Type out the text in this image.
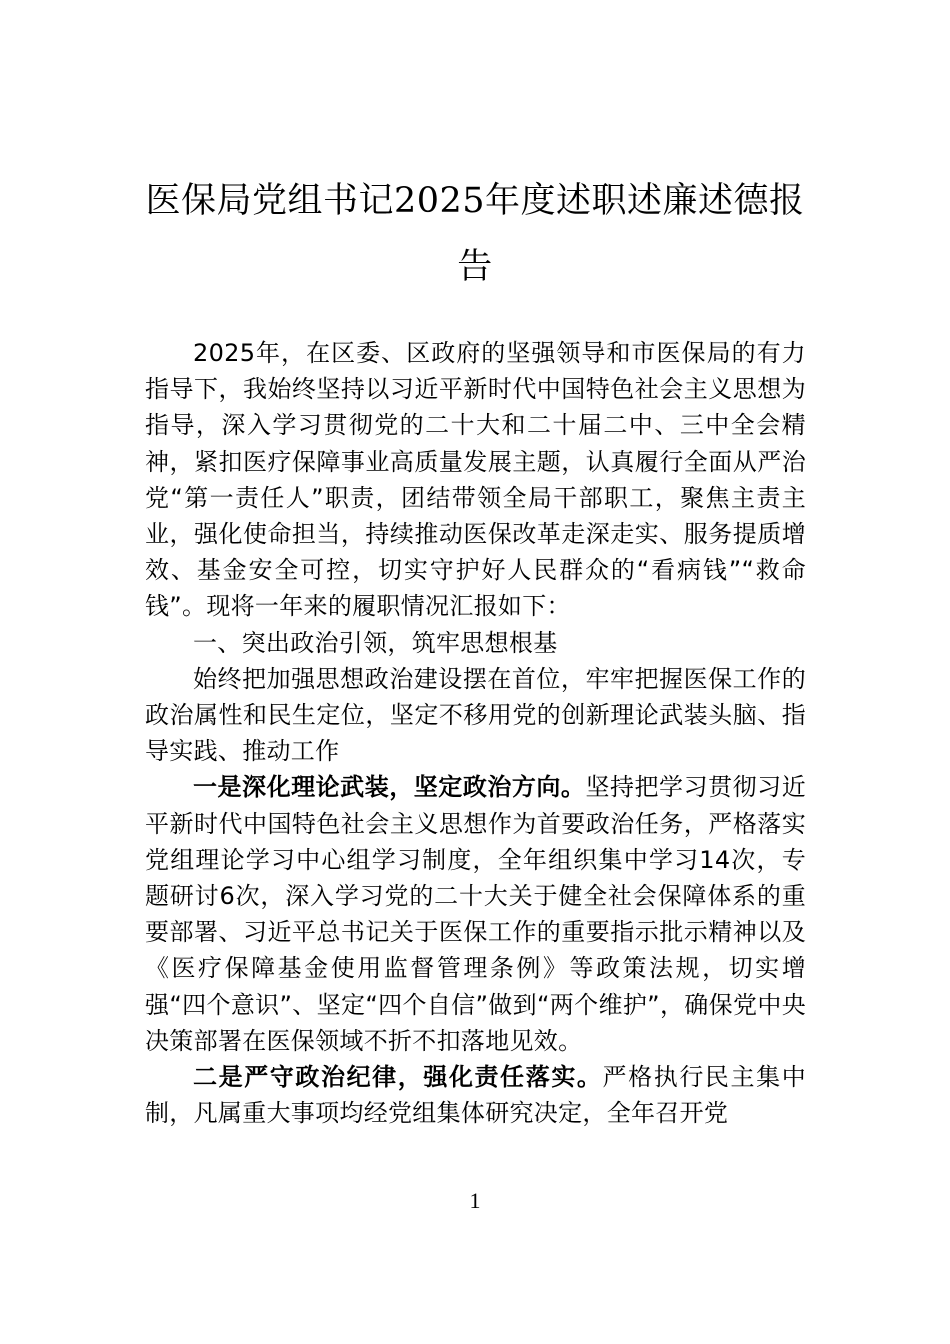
医保局党组书记2025年度述职述廉述德报告

2025年，在区委、区政府的坚强领导和市医保局的有力指导下，我始终坚持以习近平新时代中国特色社会主义思想为指导，深入学习贯彻党的二十大和二十届二中、三中全会精神，紧扣医疗保障事业高质量发展主题，认真履行全面从严治党“第一责任人”职责，团结带领全局干部职工，聚焦主责主业，强化使命担当，持续推动医保改革走深走实、服务提质增效、基金安全可控，切实守护好人民群众的“看病钱”“救命钱”。现将一年来的履职情况汇报如下：

一、突出政治引领，筑牢思想根基

始终把加强思想政治建设摆在首位，牢牢把握医保工作的政治属性和民生定位，坚定不移用党的创新理论武装头脑、指导实践、推动工作

一是深化理论武装，坚定政治方向。坚持把学习贯彻习近平新时代中国特色社会主义思想作为首要政治任务，严格落实党组理论学习中心组学习制度，全年组织集中学习14次，专题研讨6次，深入学习党的二十大关于健全社会保障体系的重要部署、习近平总书记关于医保工作的重要指示批示精神以及《医疗保障基金使用监督管理条例》等政策法规，切实增强“四个意识”、坚定“四个自信”做到“两个维护”，确保党中央决策部署在医保领域不折不扣落地见效。

二是严守政治纪律，强化责任落实。严格执行民主集中制，凡属重大事项均经党组集体研究决定，全年召开党

1
